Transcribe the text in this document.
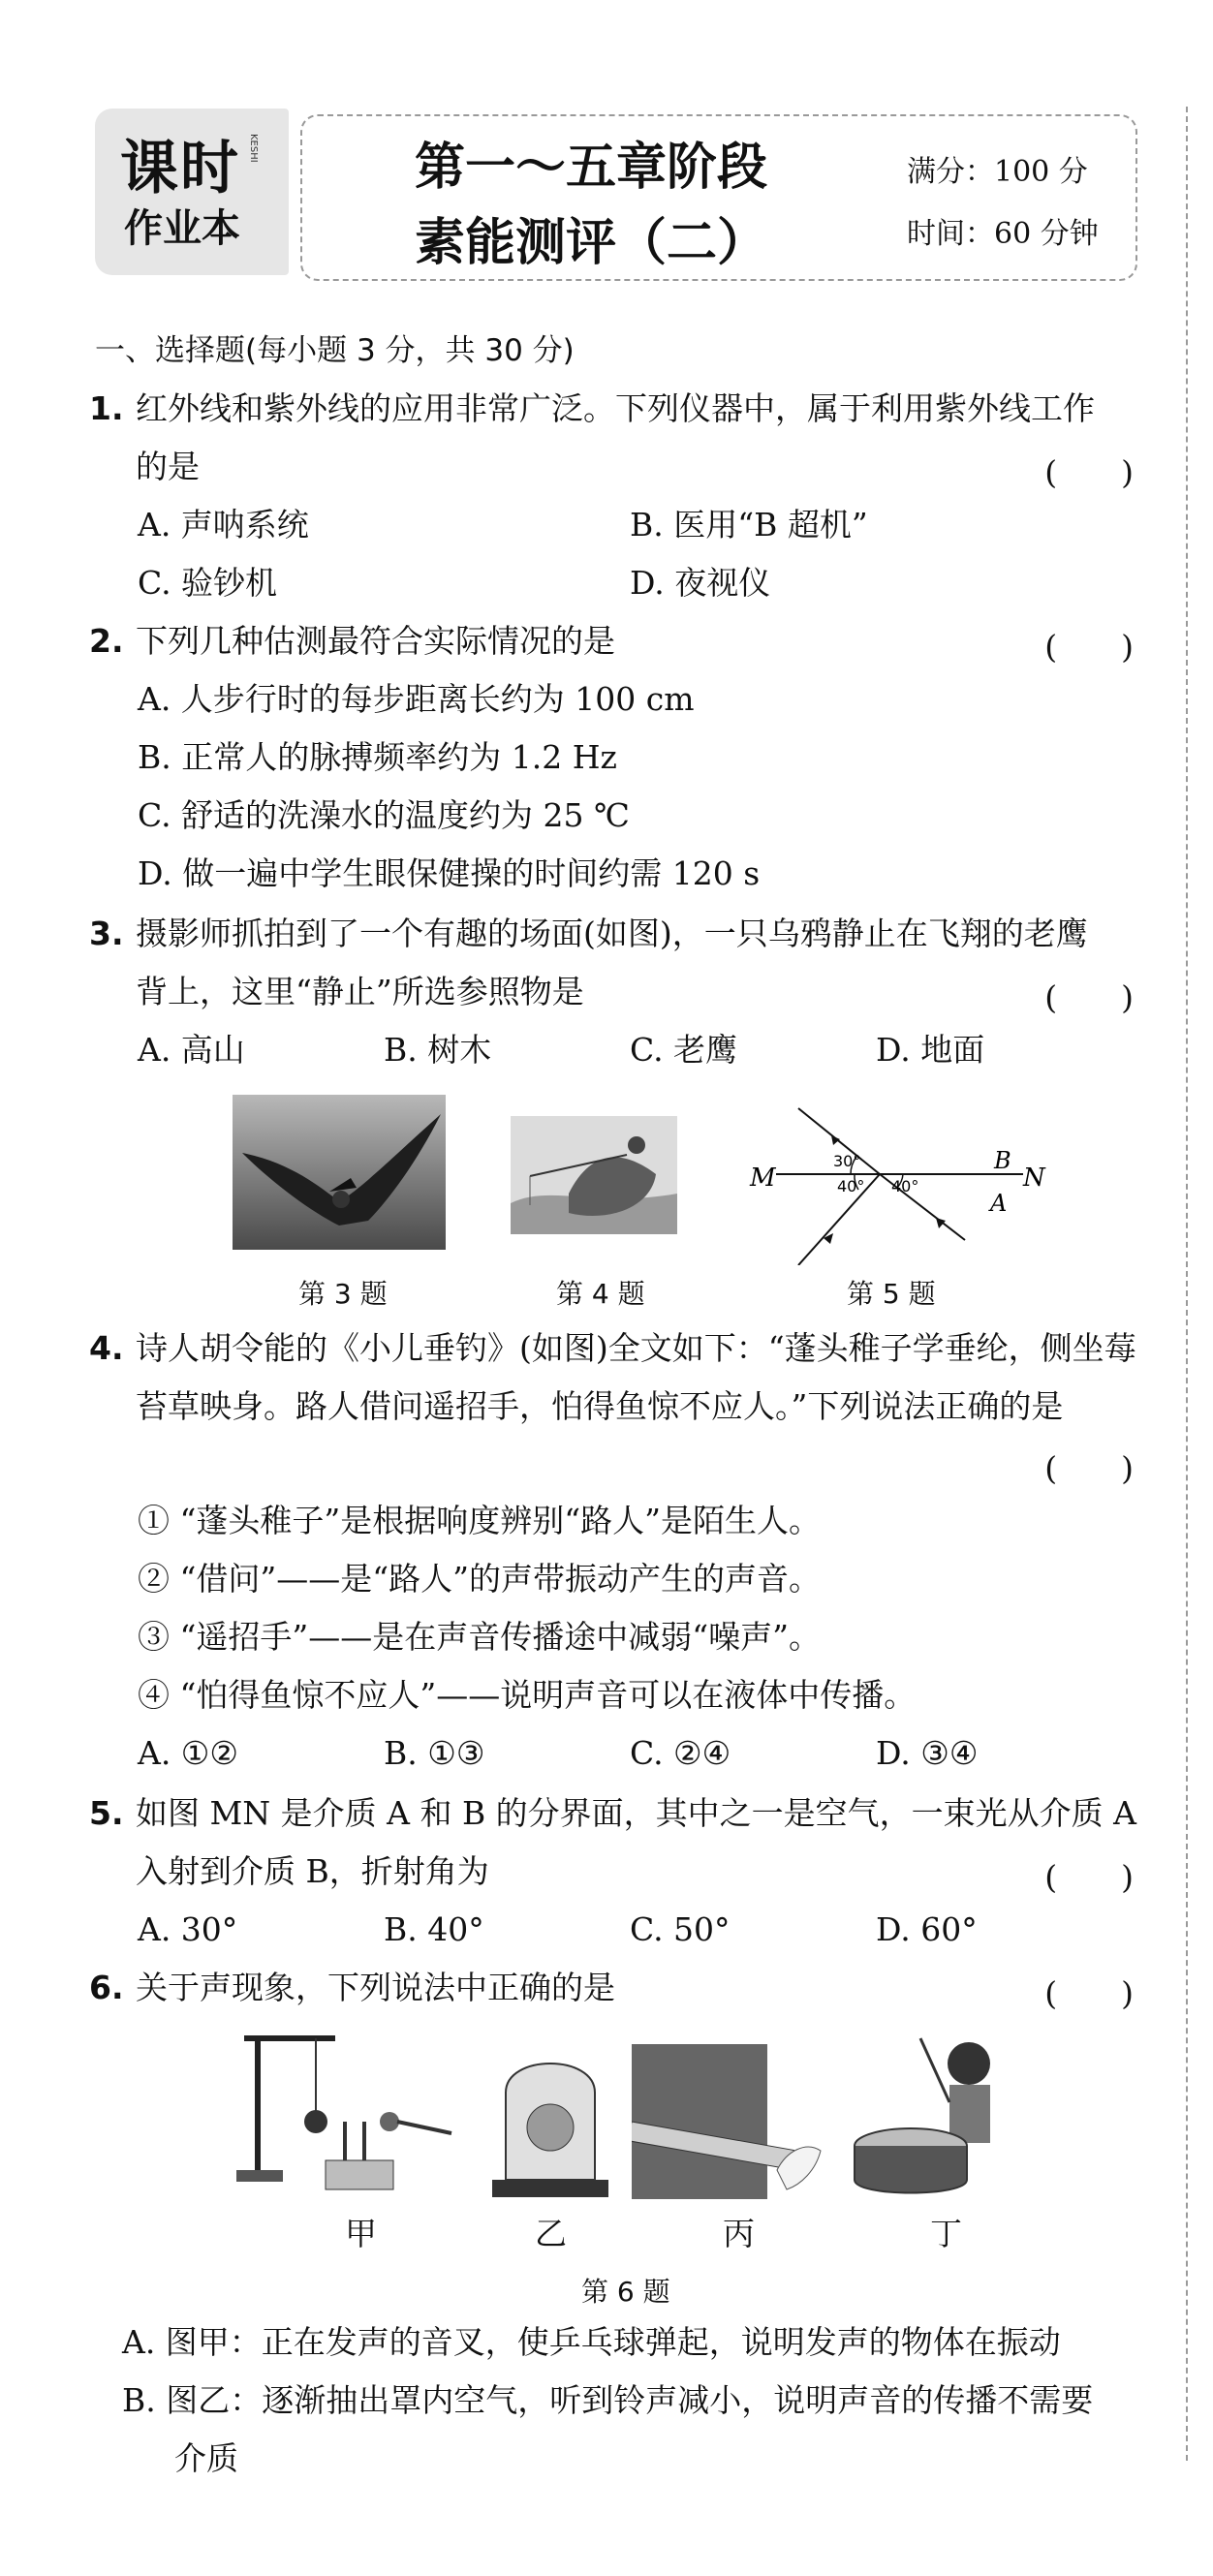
课时
作业本
KESHI	第一～五章阶段
素能测评（二）
满分：100 分
时间：60 分钟
一、选择题(每小题 3 分，共 30 分)
1. 红外线和紫外线的应用非常广泛。下列仪器中，属于利用紫外线工作
的是	(　　)
A. 声呐系统	B. 医用“B 超机”
C. 验钞机	D. 夜视仪
2. 下列几种估测最符合实际情况的是	(　　)
A. 人步行时的每步距离长约为 100 cm
B. 正常人的脉搏频率约为 1.2 Hz
C. 舒适的洗澡水的温度约为 25 ℃
D. 做一遍中学生眼保健操的时间约需 120 s
3. 摄影师抓拍到了一个有趣的场面(如图)，一只乌鸦静止在飞翔的老鹰
背上，这里“静止”所选参照物是	(　　)
A. 高山	B. 树木	C. 老鹰	D. 地面
M	N
B
A
30°
40° 40°
第 3 题	第 4 题	第 5 题
4. 诗人胡令能的《小儿垂钓》(如图)全文如下：“蓬头稚子学垂纶，侧坐莓
苔草映身。路人借问遥招手，怕得鱼惊不应人。”下列说法正确的是
(　　)
① “蓬头稚子”是根据响度辨别“路人”是陌生人。
② “借问”——是“路人”的声带振动产生的声音。
③ “遥招手”——是在声音传播途中减弱“噪声”。
④ “怕得鱼惊不应人”——说明声音可以在液体中传播。
A. ①②	B. ①③	C. ②④	D. ③④
5. 如图 MN 是介质 A 和 B 的分界面，其中之一是空气，一束光从介质 A
入射到介质 B，折射角为	(　　)
A. 30°	B. 40°	C. 50°	D. 60°
6. 关于声现象，下列说法中正确的是	(　　)
甲	乙	丙	丁
第 6 题
A. 图甲：正在发声的音叉，使乒乓球弹起，说明发声的物体在振动
B. 图乙：逐渐抽出罩内空气，听到铃声减小，说明声音的传播不需要
介质
